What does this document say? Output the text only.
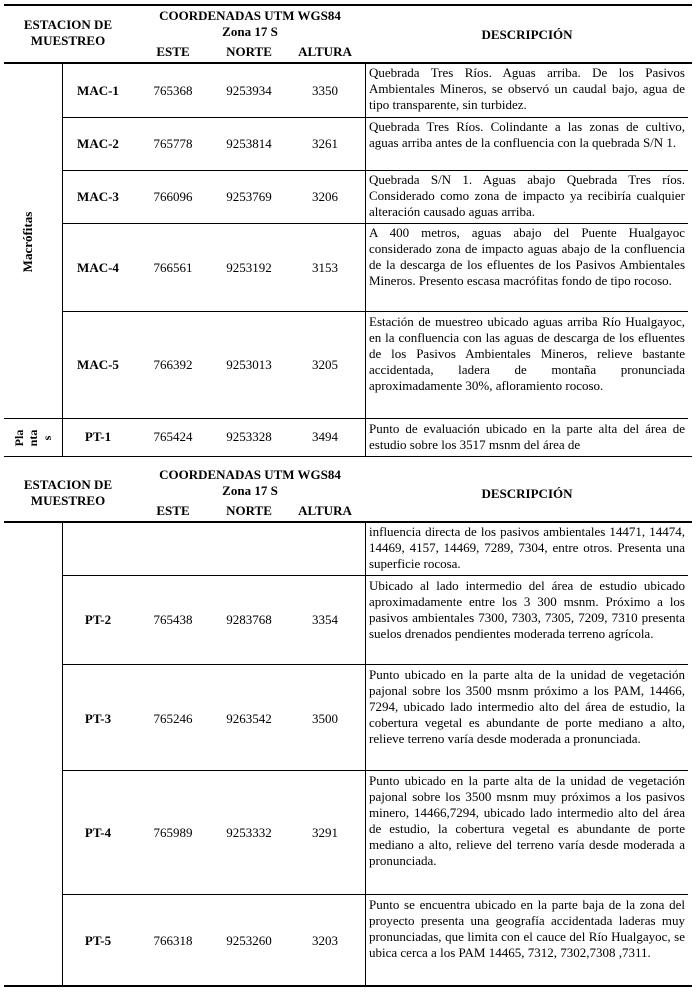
ESTACION DE MUESTREO
COORDENADAS UTM WGS84
Zona 17 S
ESTE	NORTE	ALTURA
DESCRIPCIÓN
Macrófitas
Pla nta s
MAC-1	765368	9253934	3350
Quebrada Tres Ríos. Aguas arriba. De los Pasivos Ambientales Mineros, se observó un caudal bajo, agua de tipo transparente, sin turbidez.
MAC-2	765778	9253814	3261
Quebrada Tres Ríos. Colindante a las zonas de cultivo, aguas arriba antes de la confluencia con la quebrada S/N 1.
MAC-3	766096	9253769	3206
Quebrada S/N 1. Aguas abajo Quebrada Tres ríos. Considerado como zona de impacto ya recibiría cualquier alteración causado aguas arriba.
MAC-4	766561	9253192	3153
A 400 metros, aguas abajo del Puente Hualgayoc considerado zona de impacto aguas abajo de la confluencia de la descarga de los efluentes de los Pasivos Ambientales Mineros. Presento escasa macrófitas fondo de tipo rocoso.
MAC-5	766392	9253013	3205
Estación de muestreo ubicado aguas arriba Río Hualgayoc, en la confluencia con las aguas de descarga de los efluentes de los Pasivos Ambientales Mineros, relieve bastante accidentada, ladera de montaña pronunciada aproximadamente 30%, afloramiento rocoso.
PT-1	765424	9253328	3494
Punto de evaluación ubicado en la parte alta del área de estudio sobre los 3517 msnm del área de
ESTACION DE MUESTREO
COORDENADAS UTM WGS84
Zona 17 S
ESTE	NORTE	ALTURA
DESCRIPCIÓN
influencia directa de los pasivos ambientales 14471, 14474, 14469, 4157, 14469, 7289, 7304, entre otros. Presenta una superficie rocosa.
PT-2	765438	9283768	3354
Ubicado al lado intermedio del área de estudio ubicado aproximadamente entre los 3 300 msnm. Próximo a los pasivos ambientales 7300, 7303, 7305, 7209, 7310 presenta suelos drenados pendientes moderada terreno agrícola.
PT-3	765246	9263542	3500
Punto ubicado en la parte alta de la unidad de vegetación pajonal sobre los 3500 msnm próximo a los PAM, 14466, 7294, ubicado lado intermedio alto del área de estudio, la cobertura vegetal es abundante de porte mediano a alto, relieve terreno varía desde moderada a pronunciada.
PT-4	765989	9253332	3291
Punto ubicado en la parte alta de la unidad de vegetación pajonal sobre los 3500 msnm muy próximos a los pasivos minero, 14466,7294, ubicado lado intermedio alto del área de estudio, la cobertura vegetal es abundante de porte mediano a alto, relieve del terreno varía desde moderada a pronunciada.
PT-5	766318	9253260	3203
Punto se encuentra ubicado en la parte baja de la zona del proyecto presenta una geografía accidentada laderas muy pronunciadas, que limita con el cauce del Río Hualgayoc, se ubica cerca a los PAM 14465, 7312, 7302,7308 ,7311.
